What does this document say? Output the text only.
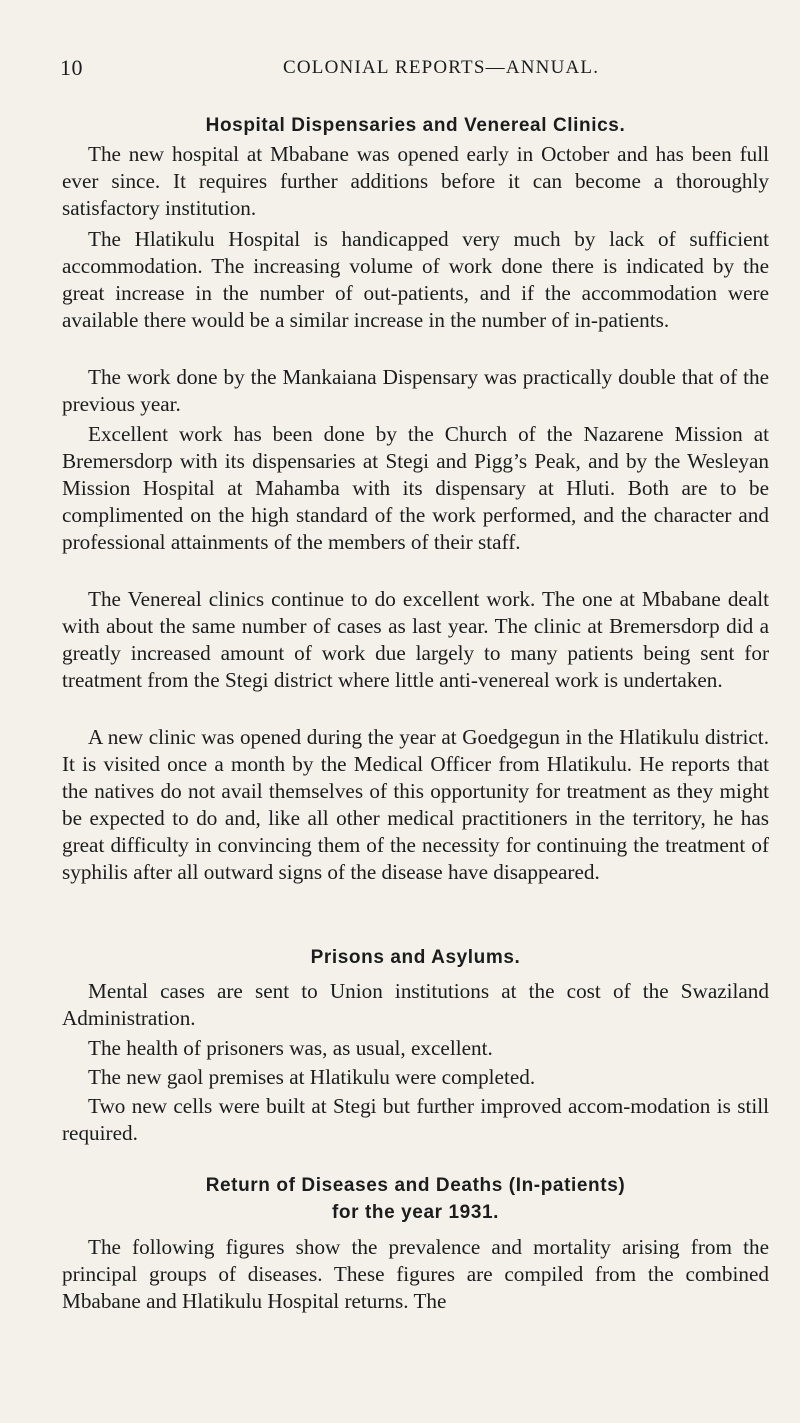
10	COLONIAL REPORTS—ANNUAL.
Hospital Dispensaries and Venereal Clinics.

The new hospital at Mbabane was opened early in October and has been full ever since. It requires further additions before it can become a thoroughly satisfactory institution.

The Hlatikulu Hospital is handicapped very much by lack of sufficient accommodation. The increasing volume of work done there is indicated by the great increase in the number of out-patients, and if the accommodation were available there would be a similar increase in the number of in-patients.

The work done by the Mankaiana Dispensary was practically double that of the previous year.

Excellent work has been done by the Church of the Nazarene Mission at Bremersdorp with its dispensaries at Stegi and Pigg’s Peak, and by the Wesleyan Mission Hospital at Mahamba with its dispensary at Hluti. Both are to be complimented on the high standard of the work performed, and the character and professional attainments of the members of their staff.

The Venereal clinics continue to do excellent work. The one at Mbabane dealt with about the same number of cases as last year. The clinic at Bremersdorp did a greatly increased amount of work due largely to many patients being sent for treatment from the Stegi district where little anti-venereal work is undertaken.

A new clinic was opened during the year at Goedgegun in the Hlatikulu district. It is visited once a month by the Medical Officer from Hlatikulu. He reports that the natives do not avail themselves of this opportunity for treatment as they might be expected to do and, like all other medical practitioners in the territory, he has great difficulty in convincing them of the necessity for continuing the treatment of syphilis after all outward signs of the disease have disappeared.

Prisons and Asylums.

Mental cases are sent to Union institutions at the cost of the Swaziland Administration.

The health of prisoners was, as usual, excellent.

The new gaol premises at Hlatikulu were completed.

Two new cells were built at Stegi but further improved accom-modation is still required.

Return of Diseases and Deaths (In-patients)
for the year 1931.

The following figures show the prevalence and mortality arising from the principal groups of diseases. These figures are compiled from the combined Mbabane and Hlatikulu Hospital returns. The
